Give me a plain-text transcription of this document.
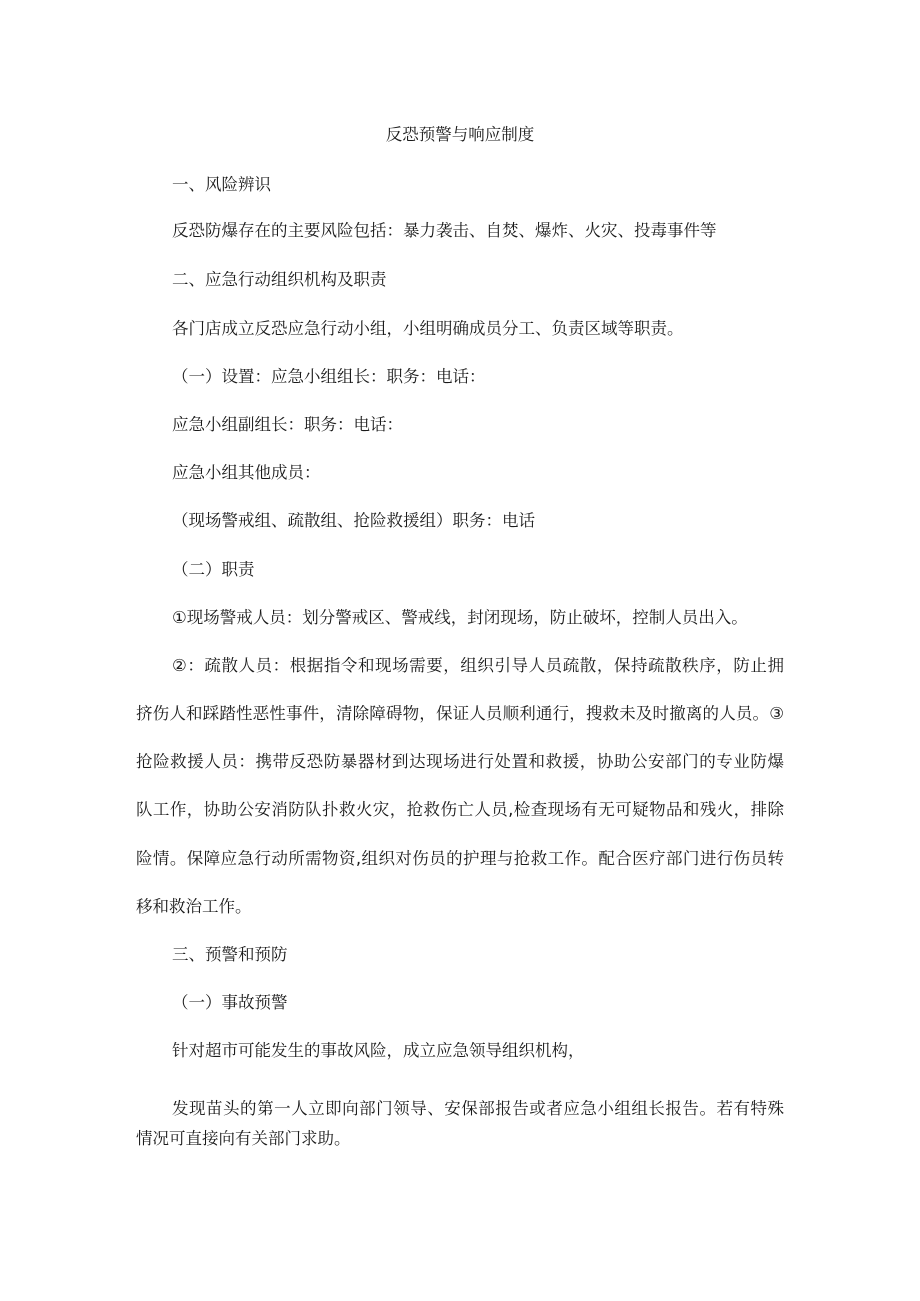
反恐预警与响应制度

一、风险辨识

反恐防爆存在的主要风险包括：暴力袭击、自焚、爆炸、火灾、投毒事件等

二、应急行动组织机构及职责

各门店成立反恐应急行动小组，小组明确成员分工、负责区域等职责。

（一）设置：应急小组组长：职务：电话：

应急小组副组长：职务：电话：

应急小组其他成员：

（现场警戒组、疏散组、抢险救援组）职务：电话

（二）职责

①现场警戒人员：划分警戒区、警戒线，封闭现场，防止破坏，控制人员出入。

②：疏散人员：根据指令和现场需要，组织引导人员疏散，保持疏散秩序，防止拥

挤伤人和踩踏性恶性事件，清除障碍物，保证人员顺利通行，搜救未及时撤离的人员。③

抢险救援人员：携带反恐防暴器材到达现场进行处置和救援，协助公安部门的专业防爆

队工作，协助公安消防队扑救火灾，抢救伤亡人员,检查现场有无可疑物品和残火，排除

险情。保障应急行动所需物资,组织对伤员的护理与抢救工作。配合医疗部门进行伤员转

移和救治工作。

三、预警和预防

（一）事故预警

针对超市可能发生的事故风险，成立应急领导组织机构，

发现苗头的第一人立即向部门领导、安保部报告或者应急小组组长报告。若有特殊

情况可直接向有关部门求助。
